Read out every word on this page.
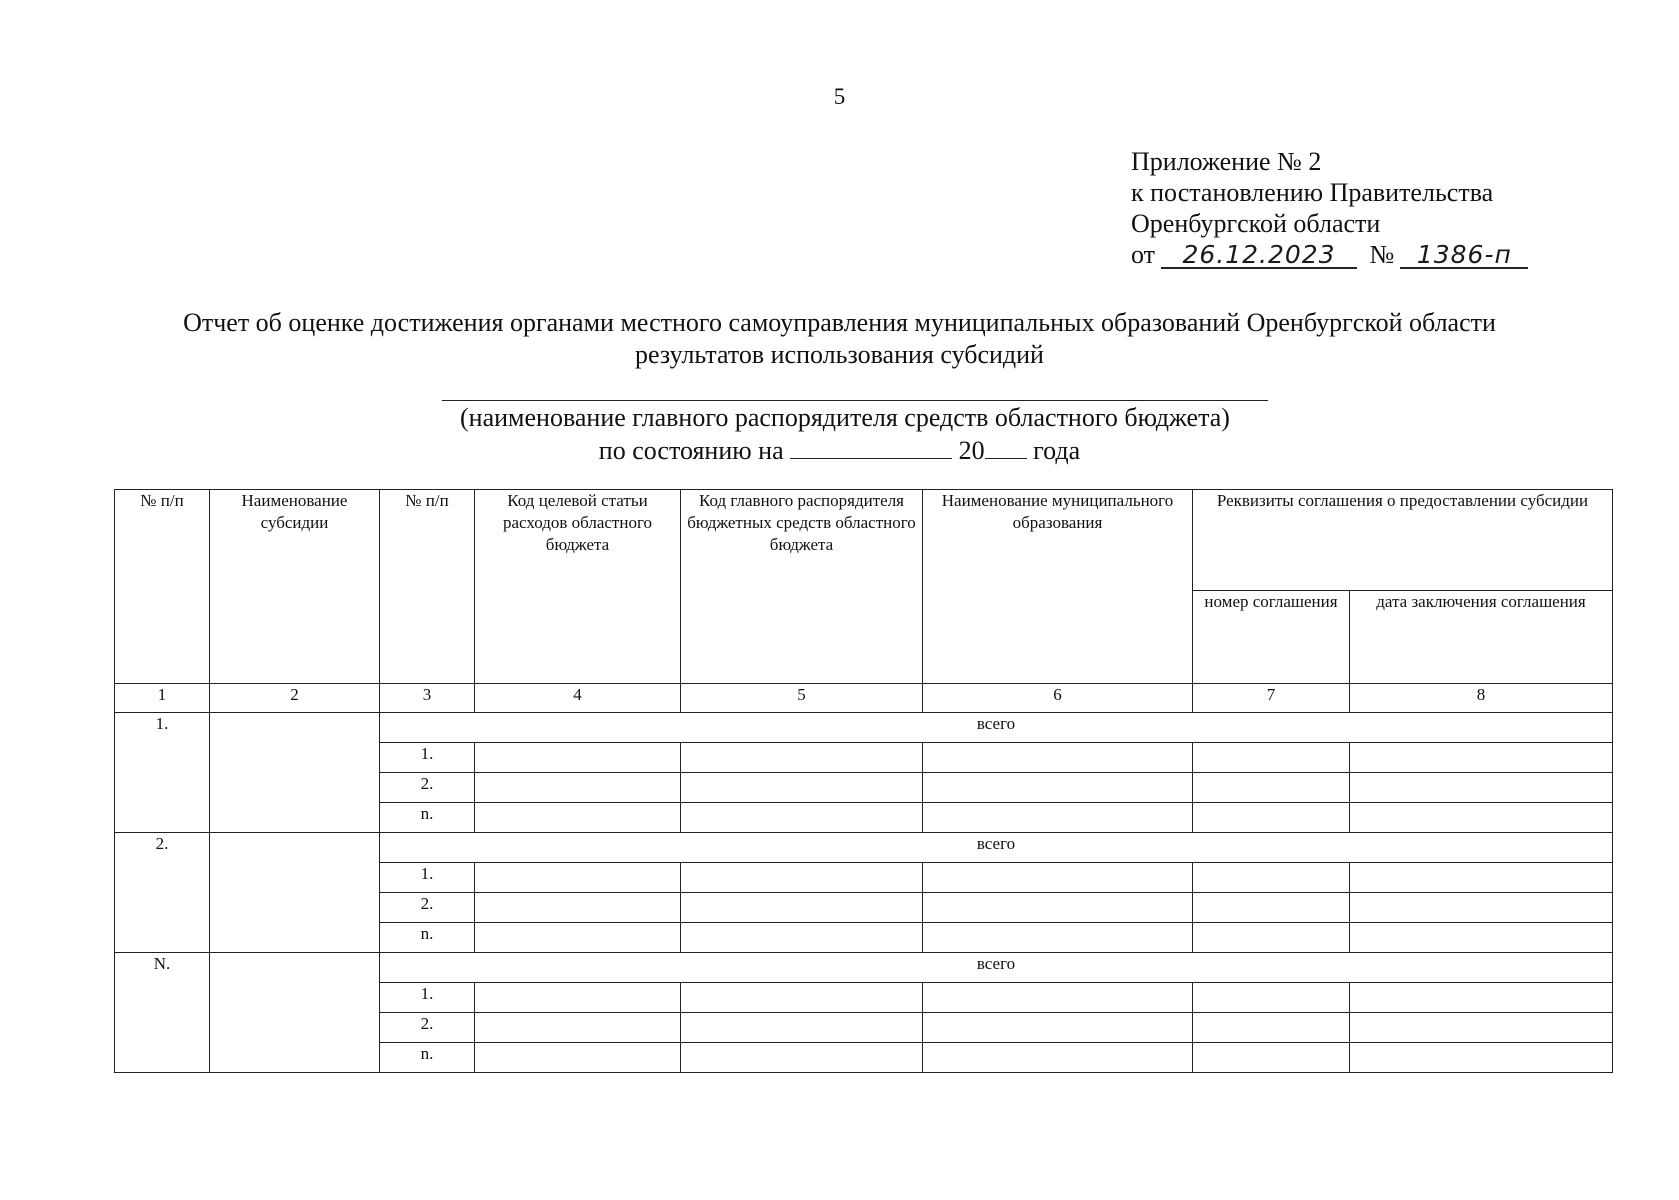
5
Приложение № 2
к постановлению Правительства
Оренбургской области
от 26.12.2023 № 1386-п
Отчет об оценке достижения органами местного самоуправления муниципальных образований Оренбургской области
результатов использования субсидий
(наименование главного распорядителя средств областного бюджета)
по состоянию на	20 года
№ п/п	Наименование субсидии	№ п/п	Код целевой статьи расходов областного бюджета	Код главного распорядителя бюджетных средств областного бюджета	Наименование муниципального образования	Реквизиты соглашения о предоставлении субсидии	
						номер соглашения	дата заключения соглашения
1	2	3	4	5	6	7	8
1.		всего					
		1.					
		2.					
		n.					
2.		всего					
		1.					
		2.					
		n.					
N.		всего					
		1.					
		2.					
		n.					
